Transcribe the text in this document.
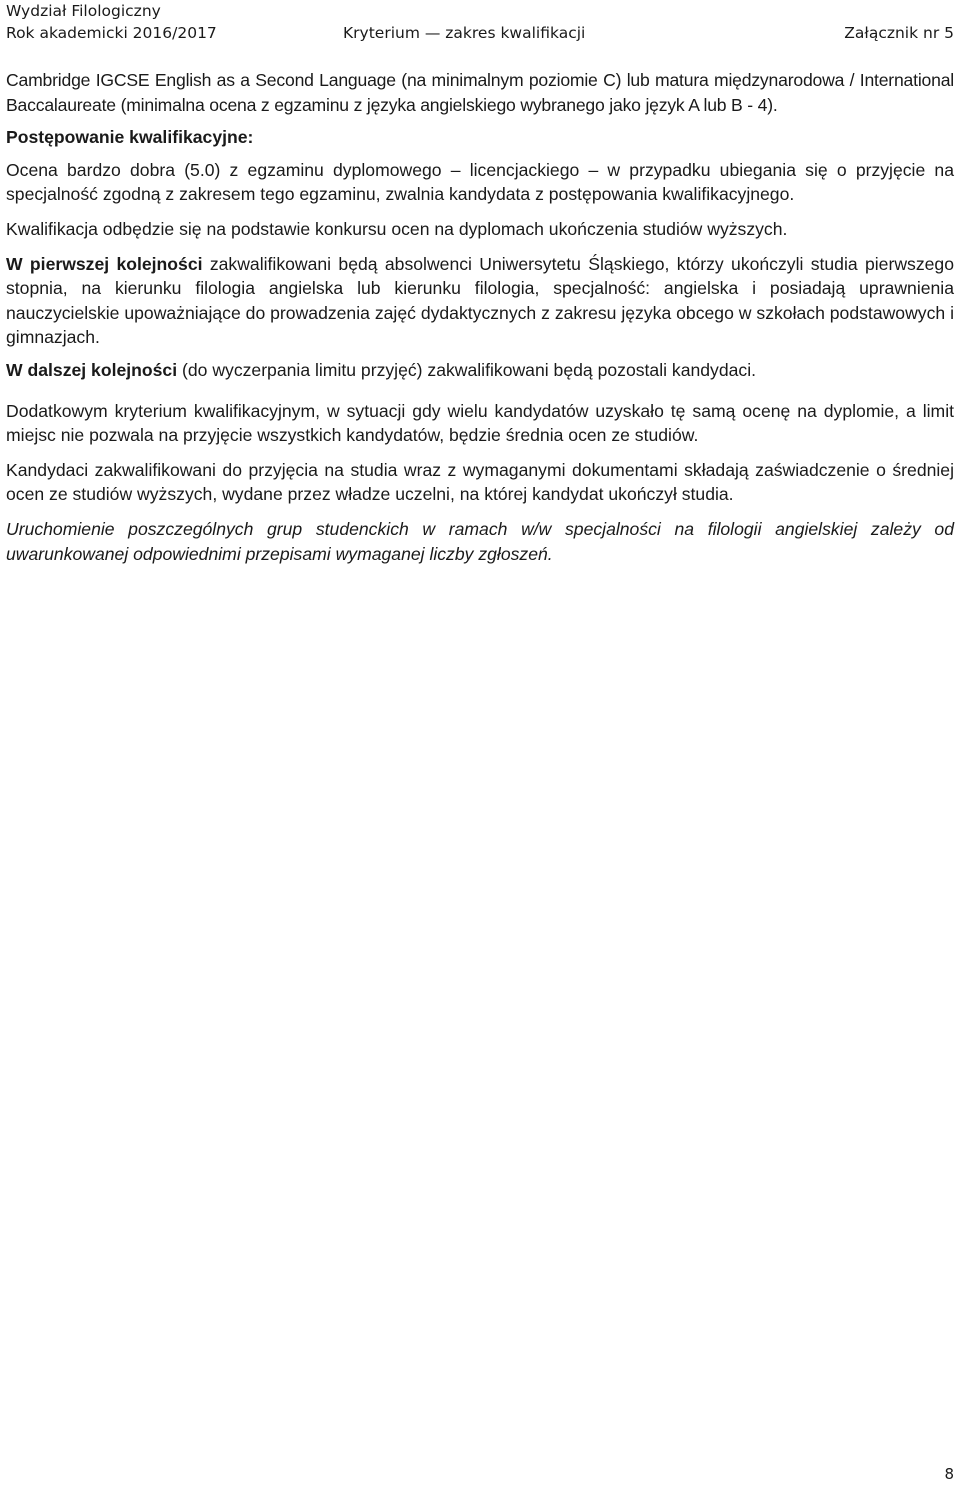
Wydział Filologiczny
Rok akademicki 2016/2017	Kryterium — zakres kwalifikacji	Załącznik nr 5

Cambridge IGCSE English as a Second Language (na minimalnym poziomie C) lub matura międzynarodowa / International Baccalaureate (minimalna ocena z egzaminu z języka angielskiego wybranego jako język A lub B - 4).

Postępowanie kwalifikacyjne:

Ocena bardzo dobra (5.0) z egzaminu dyplomowego – licencjackiego – w przypadku ubiegania się o przyjęcie na specjalność zgodną z zakresem tego egzaminu, zwalnia kandydata z postępowania kwalifikacyjnego.

Kwalifikacja odbędzie się na podstawie konkursu ocen na dyplomach ukończenia studiów wyższych.

W pierwszej kolejności zakwalifikowani będą absolwenci Uniwersytetu Śląskiego, którzy ukończyli studia pierwszego stopnia, na kierunku filologia angielska lub kierunku filologia, specjalność: angielska i posiadają uprawnienia nauczycielskie upoważniające do prowadzenia zajęć dydaktycznych z zakresu języka obcego w szkołach podstawowych i gimnazjach.

W dalszej kolejności (do wyczerpania limitu przyjęć) zakwalifikowani będą pozostali kandydaci.

Dodatkowym kryterium kwalifikacyjnym, w sytuacji gdy wielu kandydatów uzyskało tę samą ocenę na dyplomie, a limit miejsc nie pozwala na przyjęcie wszystkich kandydatów, będzie średnia ocen ze studiów.

Kandydaci zakwalifikowani do przyjęcia na studia wraz z wymaganymi dokumentami składają zaświadczenie o średniej ocen ze studiów wyższych, wydane przez władze uczelni, na której kandydat ukończył studia.

Uruchomienie poszczególnych grup studenckich w ramach w/w specjalności na filologii angielskiej zależy od uwarunkowanej odpowiednimi przepisami wymaganej liczby zgłoszeń.

8
